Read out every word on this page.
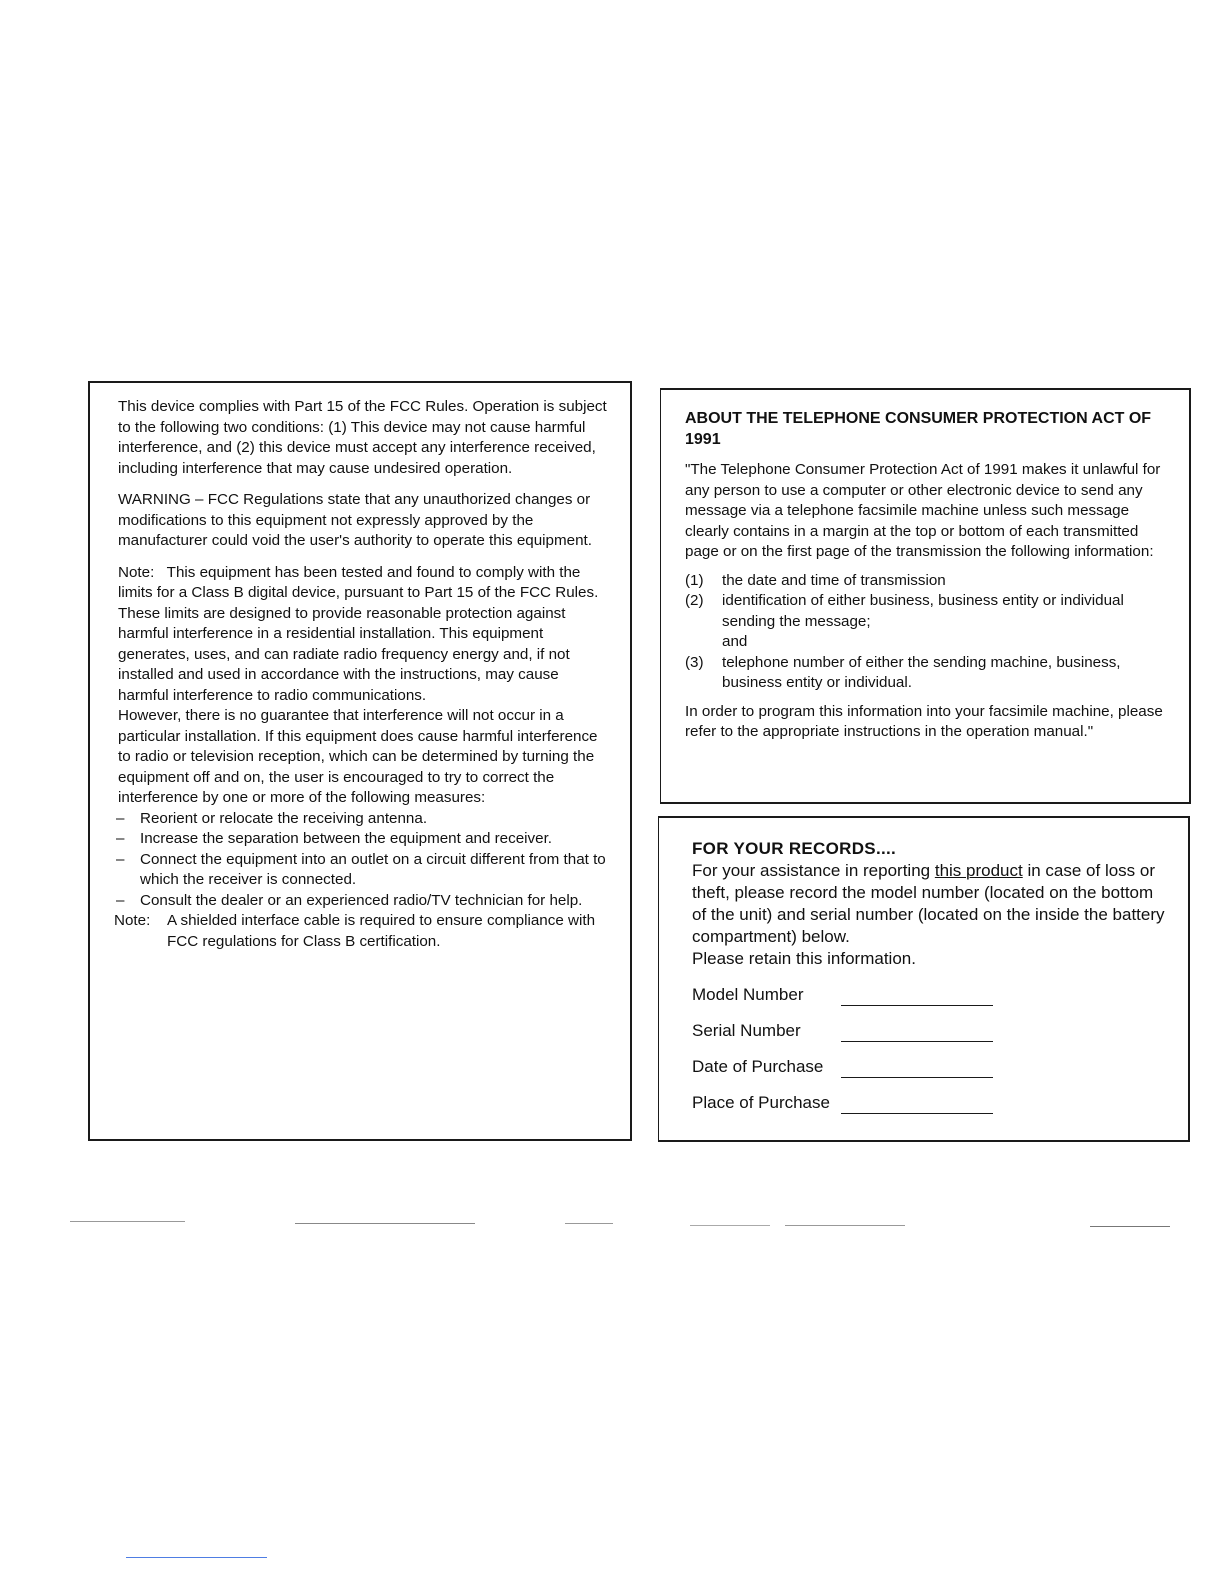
This device complies with Part 15 of the FCC Rules. Operation is subject to the following two conditions: (1) This device may not cause harmful interference, and (2) this device must accept any interference received, including interference that may cause undesired operation.

WARNING – FCC Regulations state that any unauthorized changes or modifications to this equipment not expressly approved by the manufacturer could void the user's authority to operate this equipment.

Note:   This equipment has been tested and found to comply with the limits for a Class B digital device, pursuant to Part 15 of the FCC Rules.

These limits are designed to provide reasonable protection against harmful interference in a residential installation. This equipment generates, uses, and can radiate radio frequency energy and, if not installed and used in accordance with the instructions, may cause harmful interference to radio communications.

However, there is no guarantee that interference will not occur in a particular installation. If this equipment does cause harmful interference to radio or television reception, which can be determined by turning the equipment off and on, the user is encouraged to try to correct the interference by one or more of the following measures:

– Reorient or relocate the receiving antenna.
– Increase the separation between the equipment and receiver.
– Connect the equipment into an outlet on a circuit different from that to which the receiver is connected.
– Consult the dealer or an experienced radio/TV technician for help.
Note:	A shielded interface cable is required to ensure compliance with FCC regulations for Class B certification.

ABOUT THE TELEPHONE CONSUMER PROTECTION ACT OF 1991

"The Telephone Consumer Protection Act of 1991 makes it unlawful for any person to use a computer or other electronic device to send any message via a telephone facsimile machine unless such message clearly contains in a margin at the top or bottom of each transmitted page or on the first page of the transmission the following information:

(1)	the date and time of transmission
(2)	identification of either business, business entity or individual sending the message;
and
(3)	telephone number of either the sending machine, business, business entity or individual.

In order to program this information into your facsimile machine, please refer to the appropriate instructions in the operation manual."

FOR YOUR RECORDS....

For your assistance in reporting this product in case of loss or theft, please record the model number (located on the bottom of the unit) and serial number (located on the inside the battery compartment) below.

Please retain this information.

Model Number
Serial Number
Date of Purchase
Place of Purchase
